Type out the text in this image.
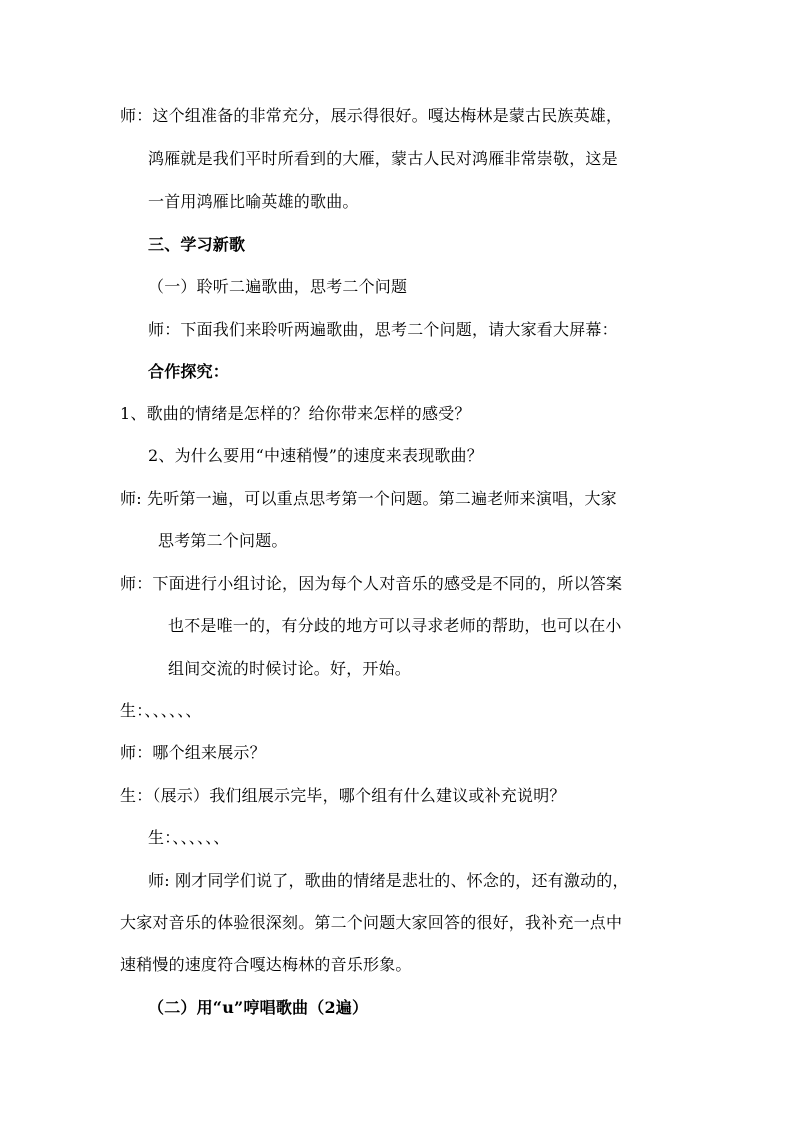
师：这个组准备的非常充分，展示得很好。嘎达梅林是蒙古民族英雄，
鸿雁就是我们平时所看到的大雁，蒙古人民对鸿雁非常崇敬，这是
一首用鸿雁比喻英雄的歌曲。
三、学习新歌
（一）聆听二遍歌曲，思考二个问题
师：下面我们来聆听两遍歌曲，思考二个问题，请大家看大屏幕：
合作探究：
1、歌曲的情绪是怎样的？给你带来怎样的感受？
2、为什么要用“中速稍慢”的速度来表现歌曲？
师: 先听第一遍，可以重点思考第一个问题。第二遍老师来演唱，大家
思考第二个问题。
师：下面进行小组讨论，因为每个人对音乐的感受是不同的，所以答案
也不是唯一的，有分歧的地方可以寻求老师的帮助，也可以在小
组间交流的时候讨论。好，开始。
生：、、、、、、
师：哪个组来展示？
生：（展示）我们组展示完毕，哪个组有什么建议或补充说明？
生：、、、、、、
师: 刚才同学们说了，歌曲的情绪是悲壮的、怀念的，还有激动的，
大家对音乐的体验很深刻。第二个问题大家回答的很好，我补充一点中
速稍慢的速度符合嘎达梅林的音乐形象。
（二）用“u”哼唱歌曲（2遍）
